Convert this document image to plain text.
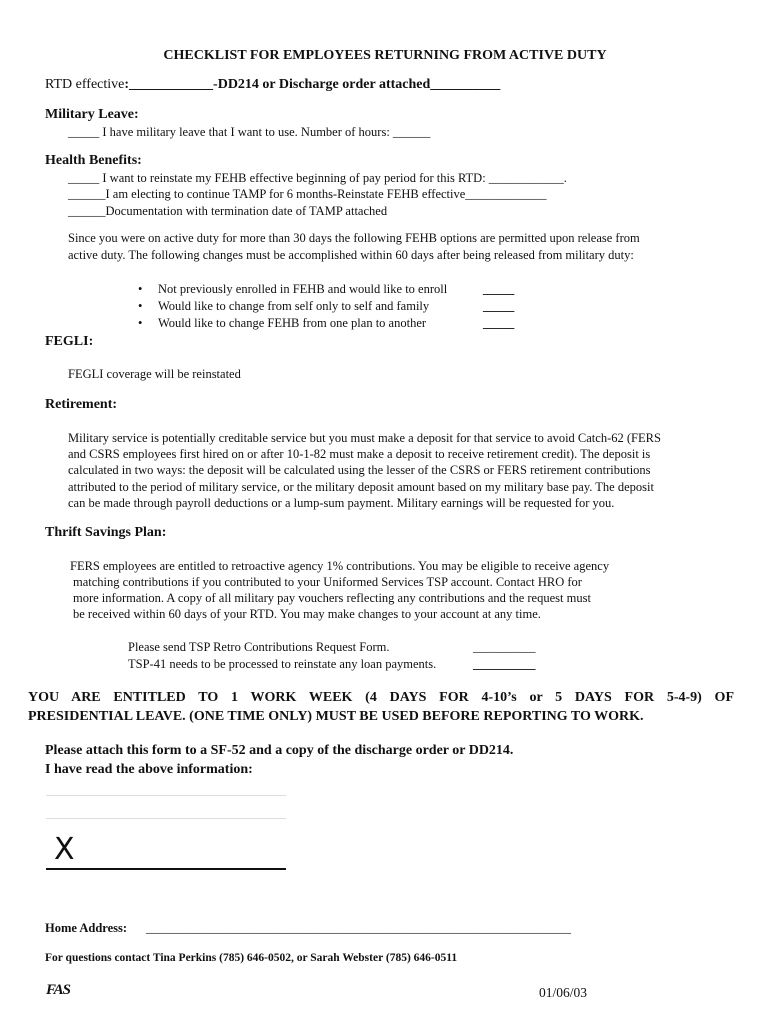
CHECKLIST FOR EMPLOYEES RETURNING FROM ACTIVE DUTY
RTD effective:____________-DD214 or Discharge order attached__________
Military Leave:
_____ I have military leave that I want to use. Number of hours: ______
Health Benefits:
_____ I want to reinstate my FEHB effective beginning of pay period for this RTD: ____________.
______I am electing to continue TAMP for 6 months-Reinstate FEHB effective_____________
______Documentation with termination date of TAMP attached
Since you were on active duty for more than 30 days the following FEHB options are permitted upon release from
active duty. The following changes must be accomplished within 60 days after being released from military duty:
• Not previously enrolled in FEHB and would like to enroll	_____
• Would like to change from self only to self and family	_____
• Would like to change FEHB from one plan to another	_____
FEGLI:
FEGLI coverage will be reinstated
Retirement:
Military service is potentially creditable service but you must make a deposit for that service to avoid Catch-62 (FERS
and CSRS employees first hired on or after 10-1-82 must make a deposit to receive retirement credit). The deposit is
calculated in two ways: the deposit will be calculated using the lesser of the CSRS or FERS retirement contributions
attributed to the period of military service, or the military deposit amount based on my military base pay. The deposit
can be made through payroll deductions or a lump-sum payment. Military earnings will be requested for you.
Thrift Savings Plan:
FERS employees are entitled to retroactive agency 1% contributions. You may be eligible to receive agency
matching contributions if you contributed to your Uniformed Services TSP account. Contact HRO for
more information. A copy of all military pay vouchers reflecting any contributions and the request must
be received within 60 days of your RTD. You may make changes to your account at any time.
Please send TSP Retro Contributions Request Form.	__________
TSP-41 needs to be processed to reinstate any loan payments.	__________
YOU ARE ENTITLED TO 1 WORK WEEK (4 DAYS FOR 4-10’s or 5 DAYS FOR 5-4-9) OF
PRESIDENTIAL LEAVE. (ONE TIME ONLY) MUST BE USED BEFORE REPORTING TO WORK.
Please attach this form to a SF-52 and a copy of the discharge order or DD214.
I have read the above information:
X
Home Address: ____________________________________________________________________
For questions contact Tina Perkins (785) 646-0502, or Sarah Webster (785) 646-0511
FAS	01/06/03
